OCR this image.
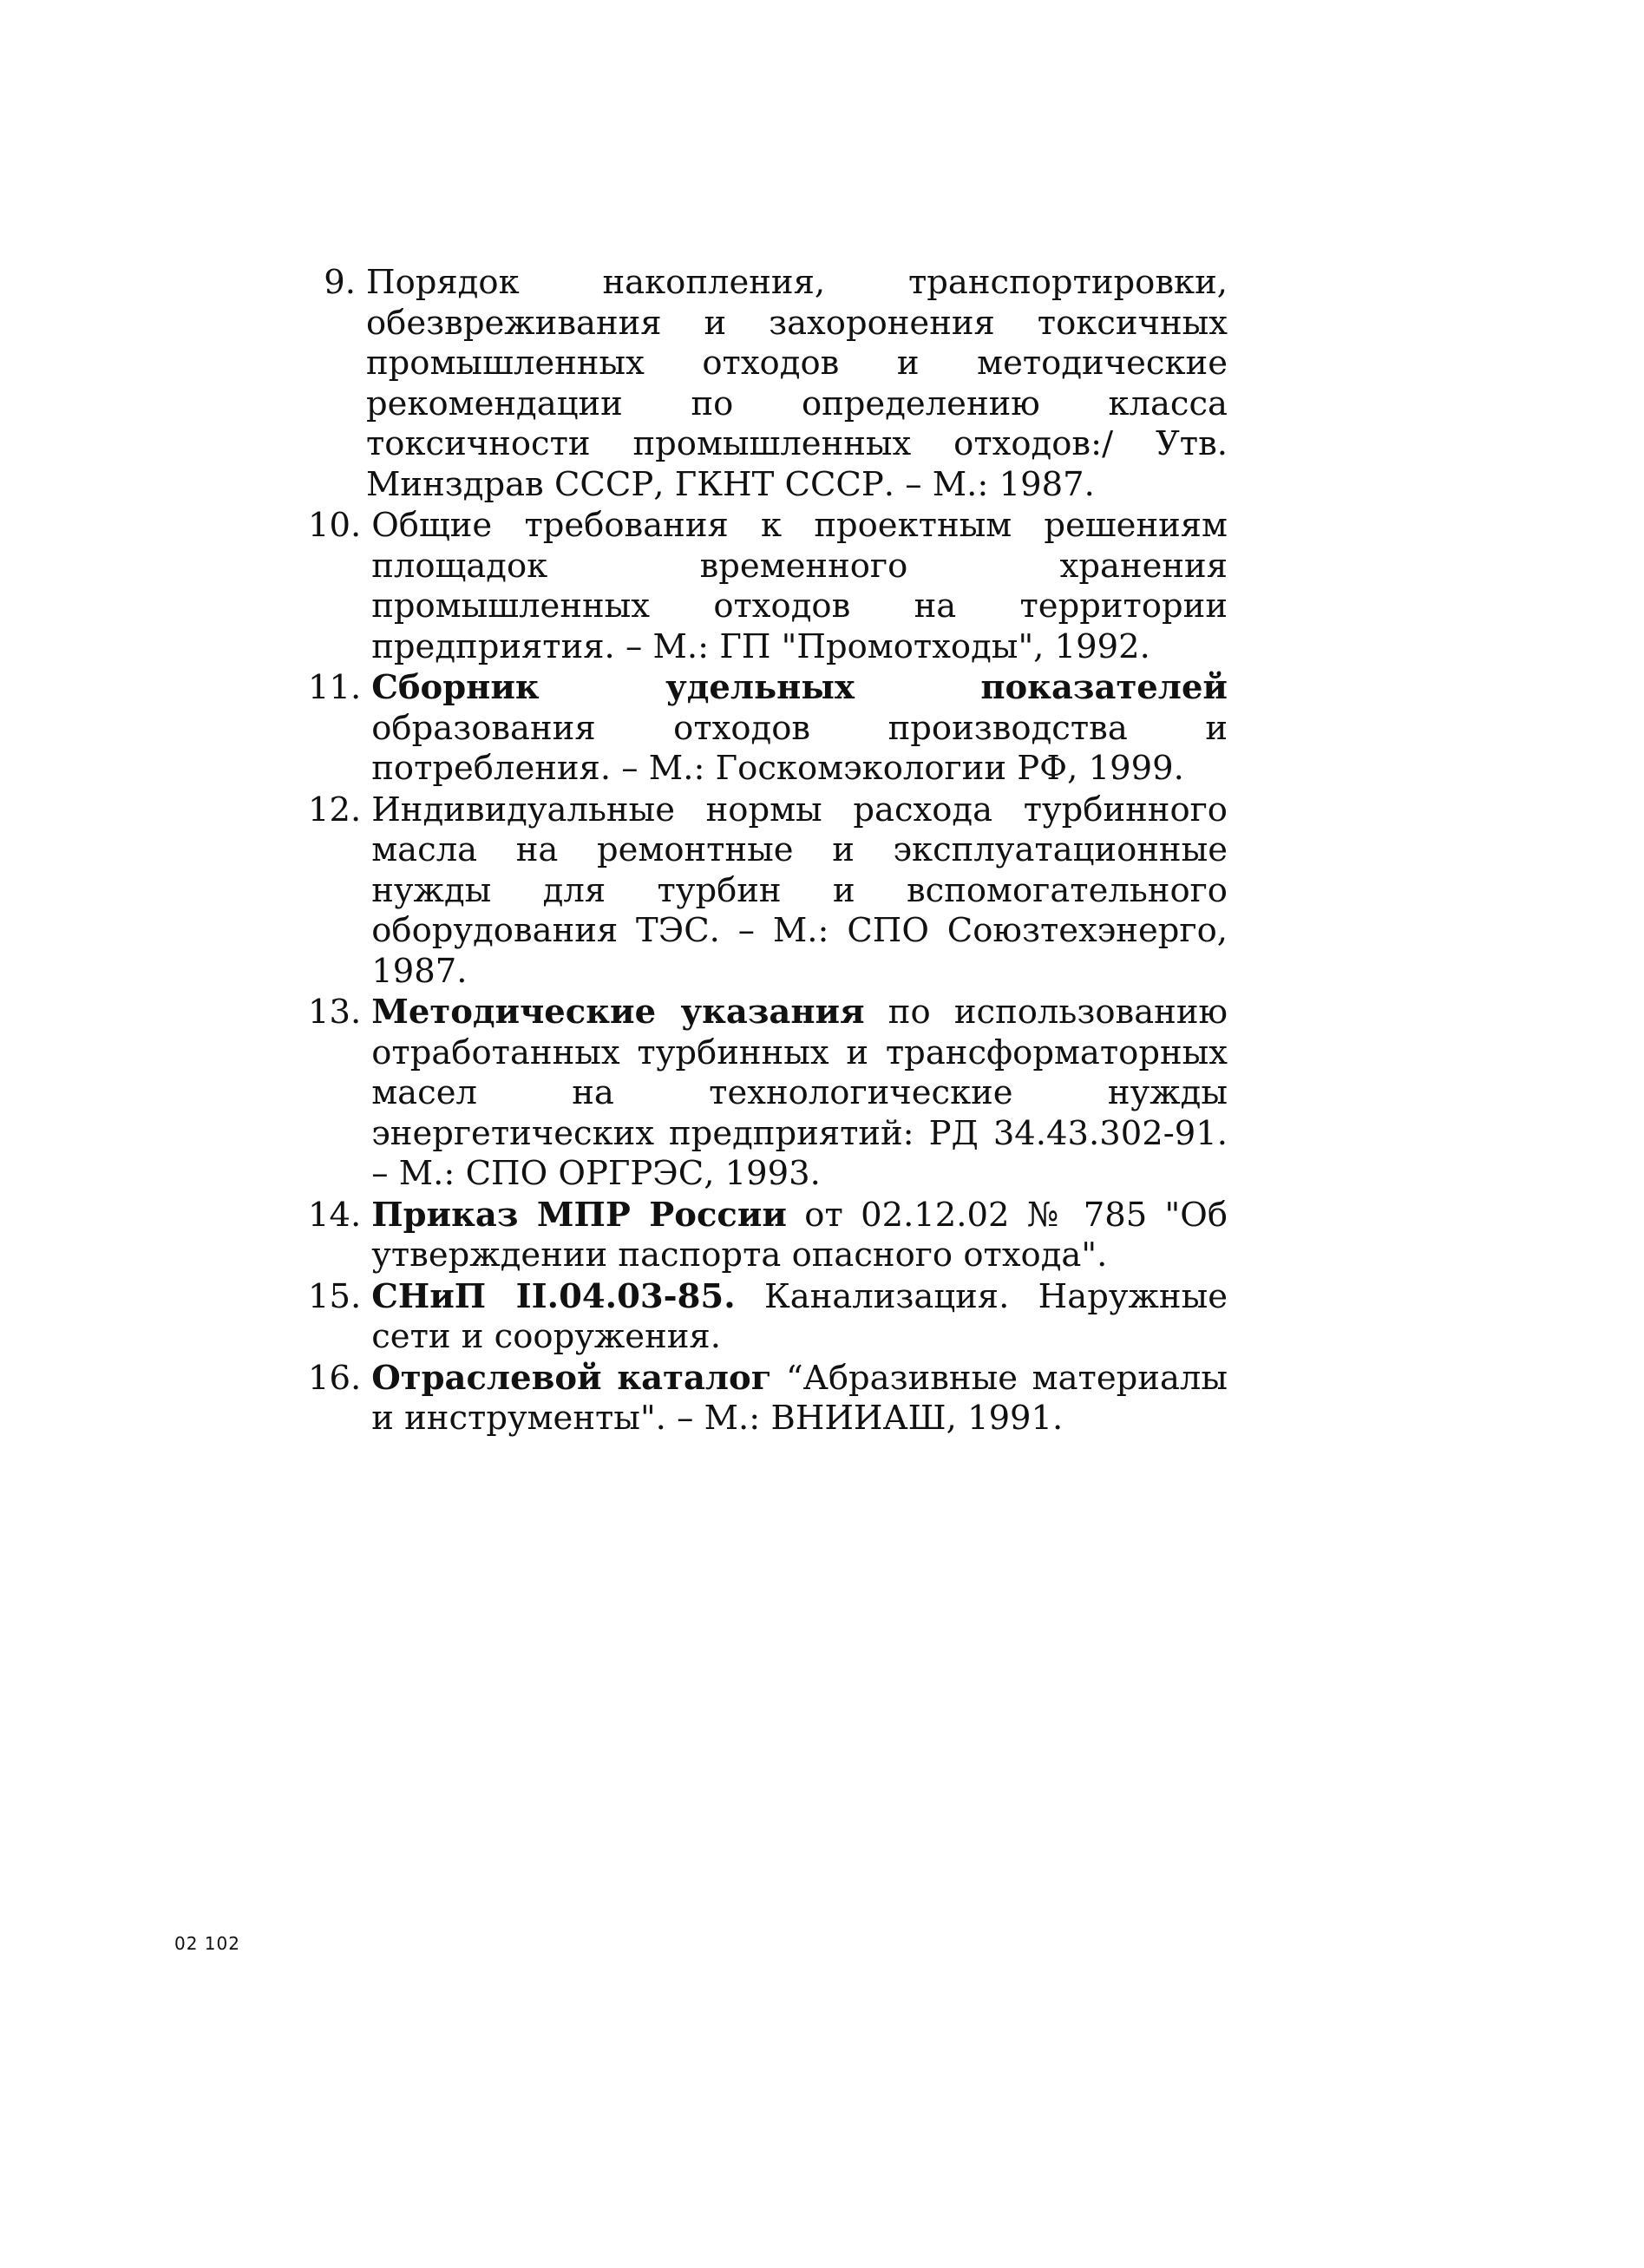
9. Порядок накопления, транспортировки, обезвреживания и захоронения токсичных промышленных отходов и методические рекомендации по определению класса токсичности промышленных отходов:/ Утв. Минздрав СССР, ГКНТ СССР. – М.: 1987.
10. Общие требования к проектным решениям площадок временного хранения промышленных отходов на территории предприятия. – М.: ГП "Промотходы", 1992.
11. Сборник удельных показателей образования отходов производства и потребления. – М.: Госкомэкологии РФ, 1999.
12. Индивидуальные нормы расхода турбинного масла на ремонтные и эксплуатационные нужды для турбин и вспомогательного оборудования ТЭС. – М.: СПО Союзтехэнерго, 1987.
13. Методические указания по использованию отработанных турбинных и трансформаторных масел на технологические нужды энергетических предприятий: РД 34.43.302-91. – М.: СПО ОРГРЭС, 1993.
14. Приказ МПР России от 02.12.02 № 785 "Об утверждении паспорта опасного отхода".
15. СНиП II.04.03-85. Канализация. Наружные сети и сооружения.
16. Отраслевой каталог “Абразивные материалы и инструменты". – М.: ВНИИАШ, 1991.
02 102
